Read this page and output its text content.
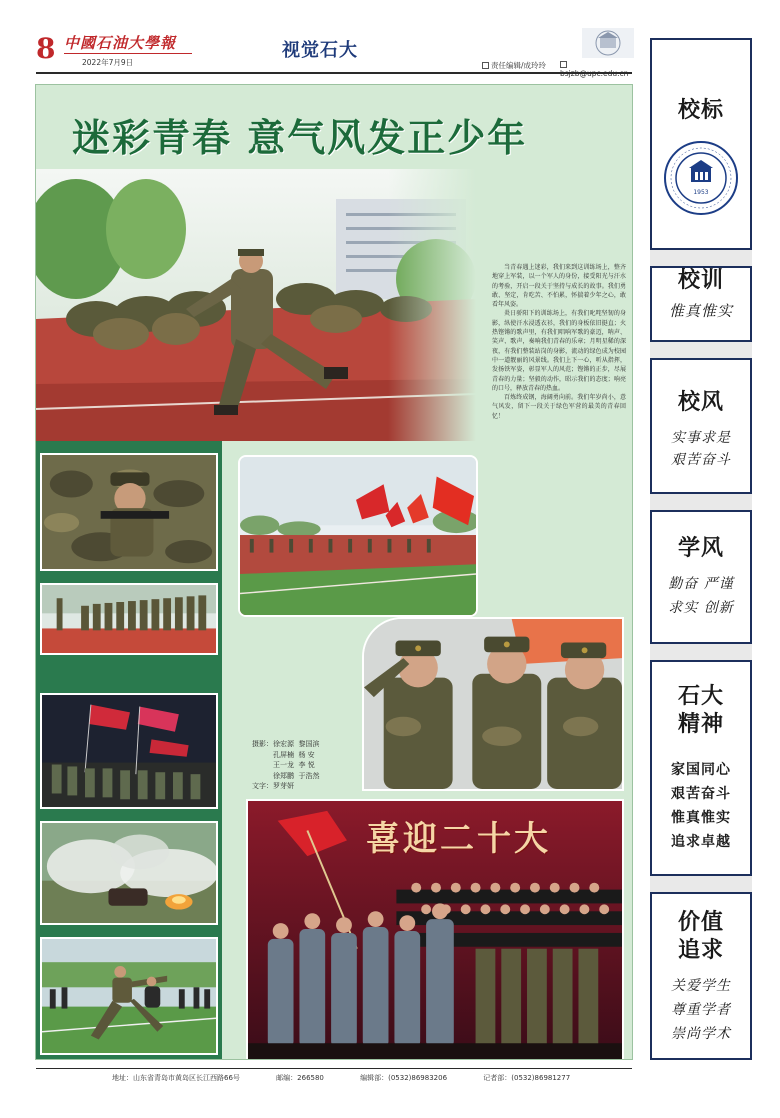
8 中國石油大學報
2022年7月9日
视觉石大
责任编辑/成玲玲
迷彩青春 意气风发正少年
喜迎二十大

当青春遇上迷彩，我们来到这训练场上，整齐地穿上军装，以一个军人的身份，接受阳光与汗水的考验，开启一段关于坚持与成长的故事。我们勇敢、坚定，肯吃苦、不怕累，怀揣着少年之心，敢看年风姿。

炎日骄阳下的训练场上，有我们叱咤坚韧的身影，纵使汗水浸透衣衫，我们的身板依旧挺直；火热铿锵的歌声里，有我们唱响军歌的豪迈，呐声、笑声、歌声，奏响我们青春的乐章；月明星稀的深夜，有我们整装站岗的身影，流动的绿色成为校园中一道靓丽的风景线。我们上下一心，听从指挥，发扬铁军姿，彰显军人的风范；铿锵的正步，尽展青春的力量；坚毅的动作，昭示我们的态度；响亮的口号，释放青春的热血。

百炼终成钢，海阔勇向前。我们年岁尚小，意气风发，留下一段关于绿色军营的最美的青春回忆！

摄影：徐宏源 黎国滨
孔屏楠 杨 安
王一龙 李 悦
徐郑鹏 于浩然
文字：罗芽妍
校标
1953
校训
惟真惟实
校风
实事求是
艰苦奋斗
学风
勤奋 严谨
求实 创新
石大
精神
家国同心
艰苦奋斗
惟真惟实
追求卓越
价值
追求
关爱学生
尊重学者
崇尚学术
地址：山东省青岛市黄岛区长江西路66号	邮编：266580	编辑部：(0532)86983206	记者部：(0532)86981277
